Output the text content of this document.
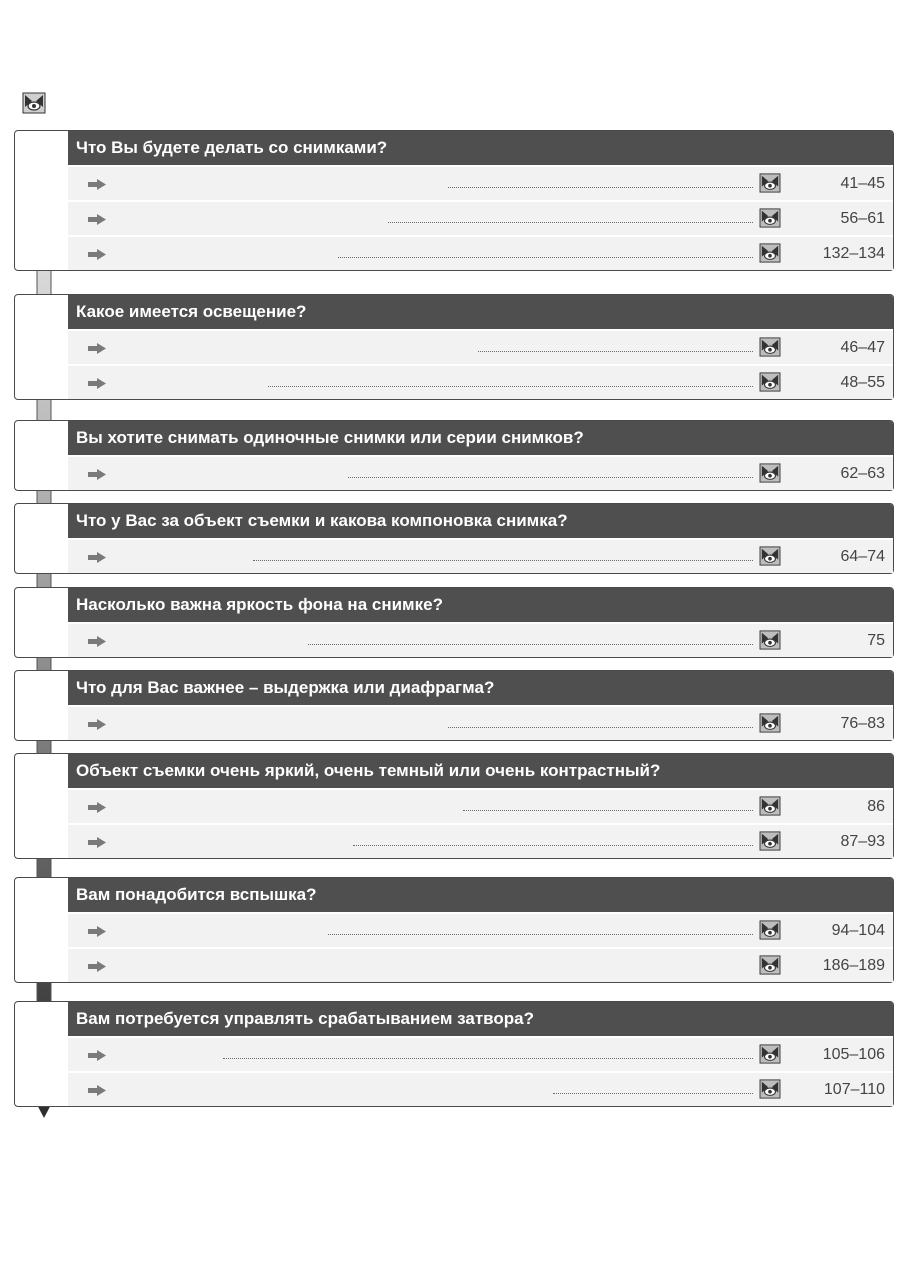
Что Вы будете делать со снимками?
41–45
56–61
132–134
Какое имеется освещение?
46–47
48–55
Вы хотите снимать одиночные снимки или серии снимков?
62–63
Что у Вас за объект съемки и какова компоновка снимка?
64–74
Насколько важна яркость фона на снимке?
75
Что для Вас важнее – выдержка или диафрагма?
76–83
Объект съемки очень яркий, очень темный или очень контрастный?
86
87–93
Вам понадобится вспышка?
94–104
186–189
Вам потребуется управлять срабатыванием затвора?
105–106
107–110
